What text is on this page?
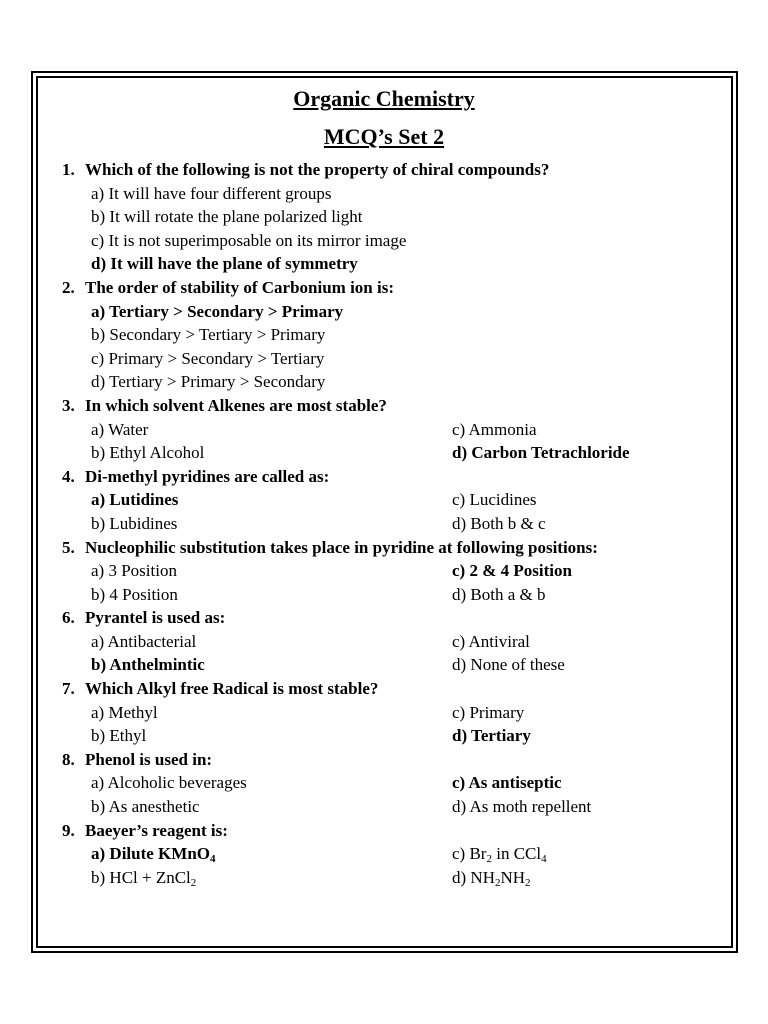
Organic Chemistry
MCQ’s Set 2
1. Which of the following is not the property of chiral compounds?
a) It will have four different groups
b) It will rotate the plane polarized light
c) It is not superimposable on its mirror image
d) It will have the plane of symmetry
2. The order of stability of Carbonium ion is:
a) Tertiary > Secondary > Primary
b) Secondary > Tertiary > Primary
c) Primary > Secondary > Tertiary
d) Tertiary > Primary > Secondary
3. In which solvent Alkenes are most stable?
a) Water	c) Ammonia
b) Ethyl Alcohol	d) Carbon Tetrachloride
4. Di-methyl pyridines are called as:
a) Lutidines	c) Lucidines
b) Lubidines	d) Both b & c
5. Nucleophilic substitution takes place in pyridine at following positions:
a) 3 Position	c) 2 & 4 Position
b) 4 Position	d) Both a & b
6. Pyrantel is used as:
a) Antibacterial	c) Antiviral
b) Anthelmintic	d) None of these
7. Which Alkyl free Radical is most stable?
a) Methyl	c) Primary
b) Ethyl	d) Tertiary
8. Phenol is used in:
a) Alcoholic beverages	c) As antiseptic
b) As anesthetic	d) As moth repellent
9. Baeyer’s reagent is:
a) Dilute KMnO$_4$	c) $Br_2$ in CCl$_4$
b) HCl + ZnCl$_2$	d) $NH_2NH_2$
